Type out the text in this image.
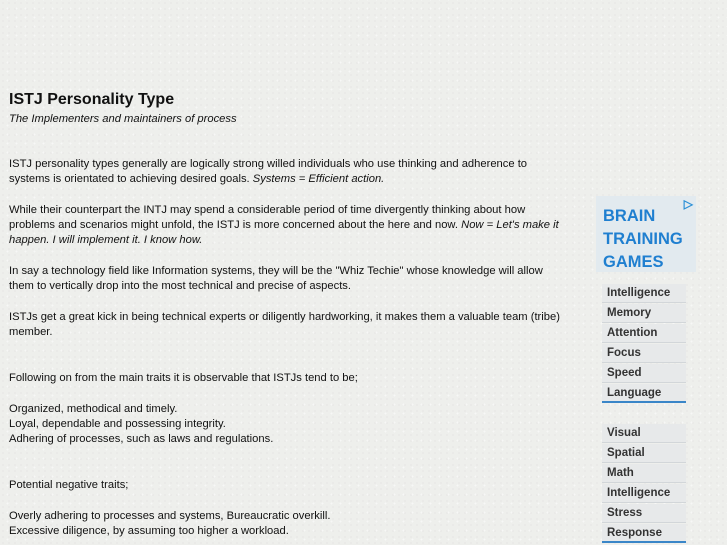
ISTJ Personality Type

The Implementers and maintainers of process

ISTJ personality types generally are logically strong willed individuals who use thinking and adherence to systems is orientated to achieving desired goals. Systems = Efficient action.

While their counterpart the INTJ may spend a considerable period of time divergently thinking about how problems and scenarios might unfold, the ISTJ is more concerned about the here and now. Now = Let's make it happen. I will implement it. I know how.

In say a technology field like Information systems, they will be the "Whiz Techie" whose knowledge will allow them to vertically drop into the most technical and precise of aspects.

ISTJs get a great kick in being technical experts or diligently hardworking, it makes them a valuable team (tribe) member.

Following on from the main traits it is observable that ISTJs tend to be;

Organized, methodical and timely.

Loyal, dependable and possessing integrity.

Adhering of processes, such as laws and regulations.

Potential negative traits;

Overly adhering to processes and systems, Bureaucratic overkill.

Excessive diligence, by assuming too higher a workload.

▷
BRAIN
TRAINING
GAMES
Intelligence
Memory
Attention
Focus
Speed
Language
Visual
Spatial
Math
Intelligence
Stress
Response
